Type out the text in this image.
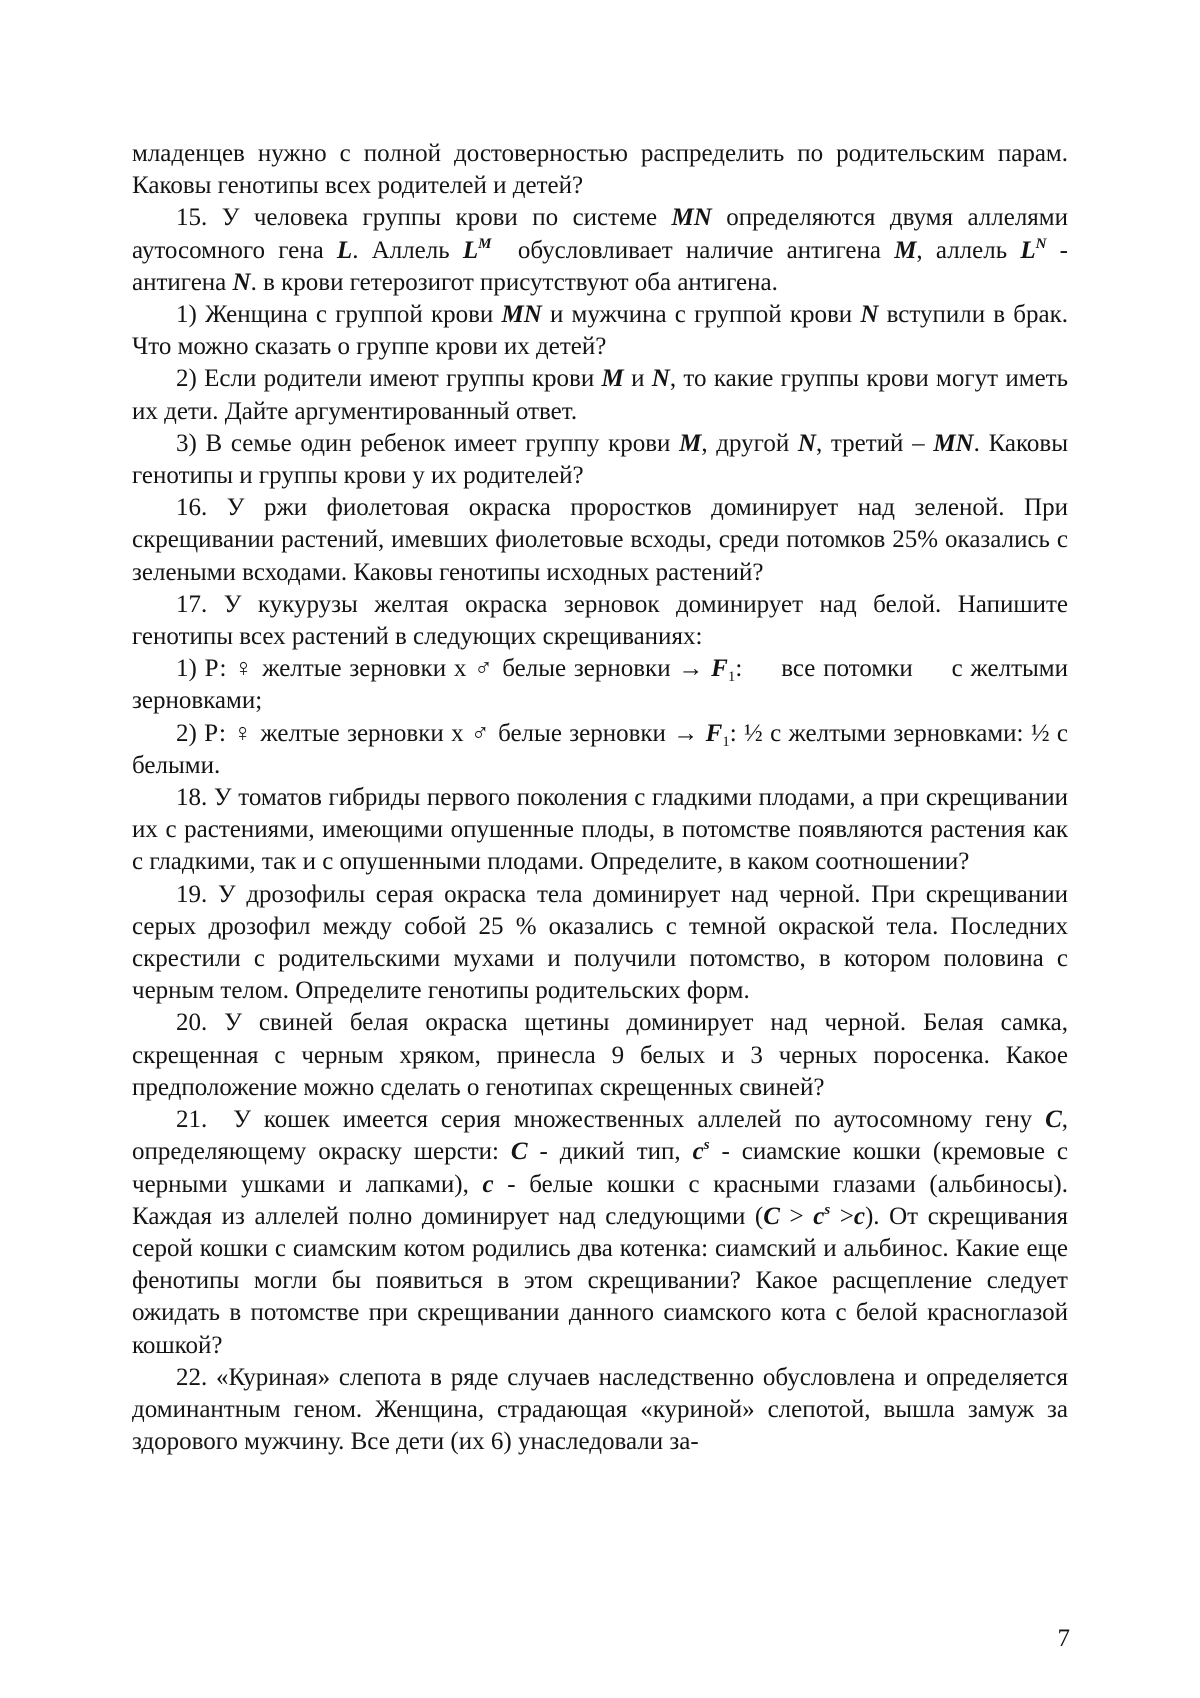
младенцев нужно с полной достоверностью распределить по родительским парам. Каковы генотипы всех родителей и детей?

15. У человека группы крови по системе MN определяются двумя аллелями аутосомного гена L. Аллель $L^M$  обусловливает наличие антигена M, аллель $L^N$ - антигена N. в крови гетерозигот присутствуют оба антигена.

1) Женщина с группой крови MN и мужчина с группой крови N вступили в брак. Что можно сказать о группе крови их детей?

2) Если родители имеют группы крови M и N, то какие группы крови могут иметь их дети. Дайте аргументированный ответ.

3) В семье один ребенок имеет группу крови M, другой N, третий – MN. Каковы генотипы и группы крови у их родителей?

16. У ржи фиолетовая окраска проростков доминирует над зеленой. При скрещивании растений, имевших фиолетовые всходы, среди потомков 25% оказались с зелеными всходами. Каковы генотипы исходных растений?

17. У кукурузы желтая окраска зерновок доминирует над белой. Напишите генотипы всех растений в следующих скрещиваниях:

1) Р: ♀ желтые зерновки х ♂ белые зерновки → $F_1$:     все потомки     с желтыми зерновками;

2) Р: ♀ желтые зерновки х ♂ белые зерновки → $F_1$: ½ с желтыми зерновками: ½ с белыми.

18. У томатов гибриды первого поколения с гладкими плодами, а при скрещивании их с растениями, имеющими опушенные плоды, в потомстве появляются растения как с гладкими, так и с опушенными плодами. Определите, в каком соотношении?

19. У дрозофилы серая окраска тела доминирует над черной. При скрещивании серых дрозофил между собой 25 % оказались с темной окраской тела. Последних скрестили с родительскими мухами и получили потомство, в котором половина с черным телом. Определите генотипы родительских форм.

20. У свиней белая окраска щетины доминирует над черной. Белая самка, скрещенная с черным хряком, принесла 9 белых и 3 черных поросенка. Какое предположение можно сделать о генотипах скрещенных свиней?

21.  У кошек имеется серия множественных аллелей по аутосомному гену C, определяющему окраску шерсти: C - дикий тип, $c^s$ - сиамские кошки (кремовые с черными ушками и лапками), c - белые кошки с красными глазами (альбиносы). Каждая из аллелей полно доминирует над следующими $(C > c^s >c)$. От скрещивания серой кошки с сиамским котом родились два котенка: сиамский и альбинос. Какие еще фенотипы могли бы появиться в этом скрещивании? Какое расщепление следует ожидать в потомстве при скрещивании данного сиамского кота с белой красноглазой кошкой?

22. «Куриная» слепота в ряде случаев наследственно обусловлена и определяется доминантным геном. Женщина, страдающая «куриной» слепотой, вышла замуж за здорового мужчину. Все дети (их 6) унаследовали за-

7
